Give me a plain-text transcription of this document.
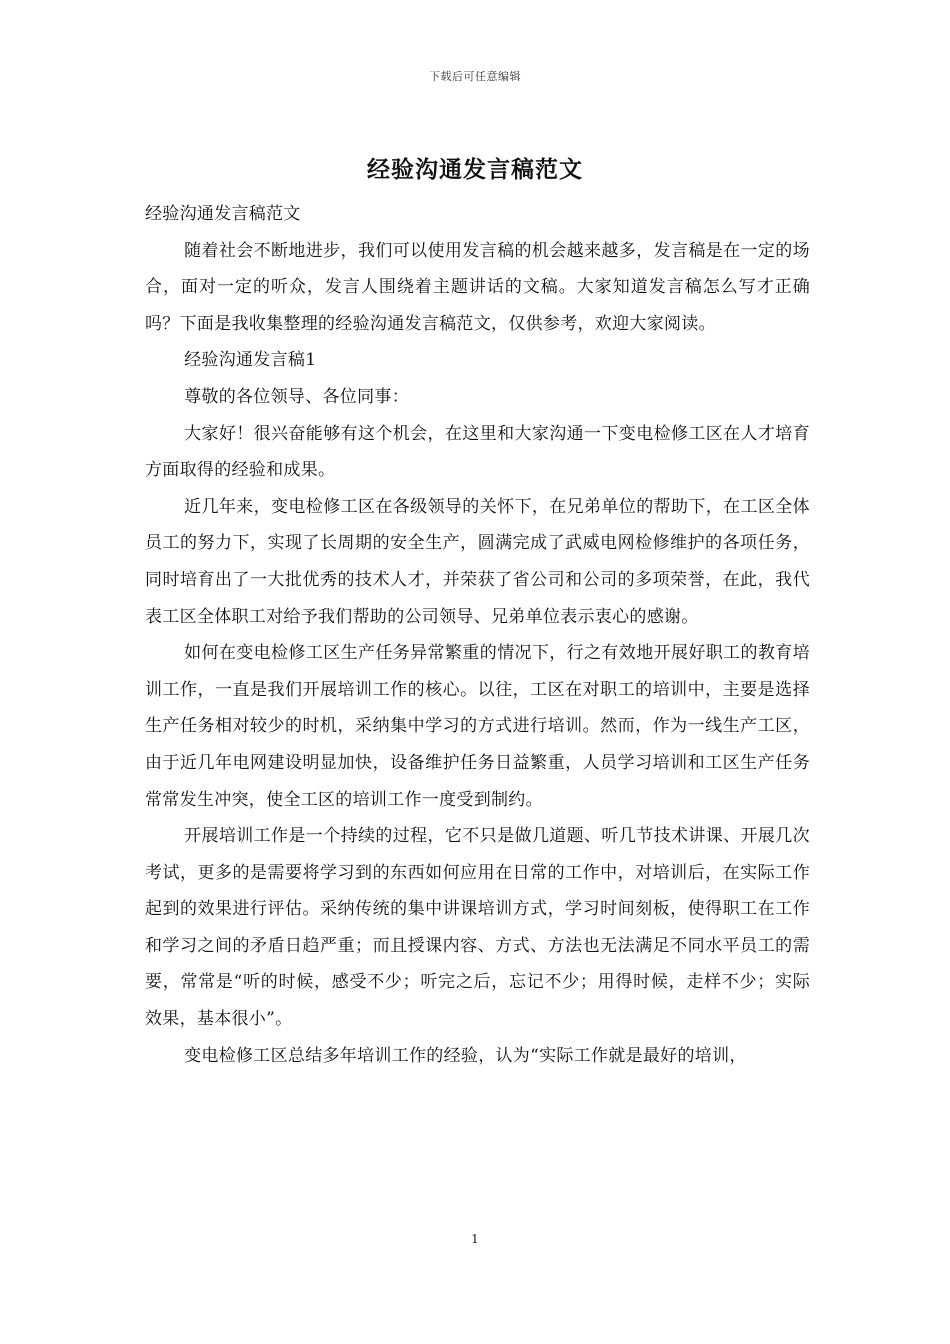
下载后可任意编辑
经验沟通发言稿范文

经验沟通发言稿范文

随着社会不断地进步，我们可以使用发言稿的机会越来越多，发言稿是在一定的场合，面对一定的听众，发言人围绕着主题讲话的文稿。大家知道发言稿怎么写才正确吗？下面是我收集整理的经验沟通发言稿范文，仅供参考，欢迎大家阅读。

经验沟通发言稿1

尊敬的各位领导、各位同事：

大家好！很兴奋能够有这个机会，在这里和大家沟通一下变电检修工区在人才培育方面取得的经验和成果。

近几年来，变电检修工区在各级领导的关怀下，在兄弟单位的帮助下，在工区全体员工的努力下，实现了长周期的安全生产，圆满完成了武威电网检修维护的各项任务，同时培育出了一大批优秀的技术人才，并荣获了省公司和公司的多项荣誉，在此，我代表工区全体职工对给予我们帮助的公司领导、兄弟单位表示衷心的感谢。

如何在变电检修工区生产任务异常繁重的情况下，行之有效地开展好职工的教育培训工作，一直是我们开展培训工作的核心。以往，工区在对职工的培训中，主要是选择生产任务相对较少的时机，采纳集中学习的方式进行培训。然而，作为一线生产工区，由于近几年电网建设明显加快，设备维护任务日益繁重，人员学习培训和工区生产任务常常发生冲突，使全工区的培训工作一度受到制约。

开展培训工作是一个持续的过程，它不只是做几道题、听几节技术讲课、开展几次考试，更多的是需要将学习到的东西如何应用在日常的工作中，对培训后，在实际工作起到的效果进行评估。采纳传统的集中讲课培训方式，学习时间刻板，使得职工在工作和学习之间的矛盾日趋严重；而且授课内容、方式、方法也无法满足不同水平员工的需要，常常是“听的时候，感受不少；听完之后，忘记不少；用得时候，走样不少；实际效果，基本很小”。

变电检修工区总结多年培训工作的经验，认为“实际工作就是最好的培训，

1
